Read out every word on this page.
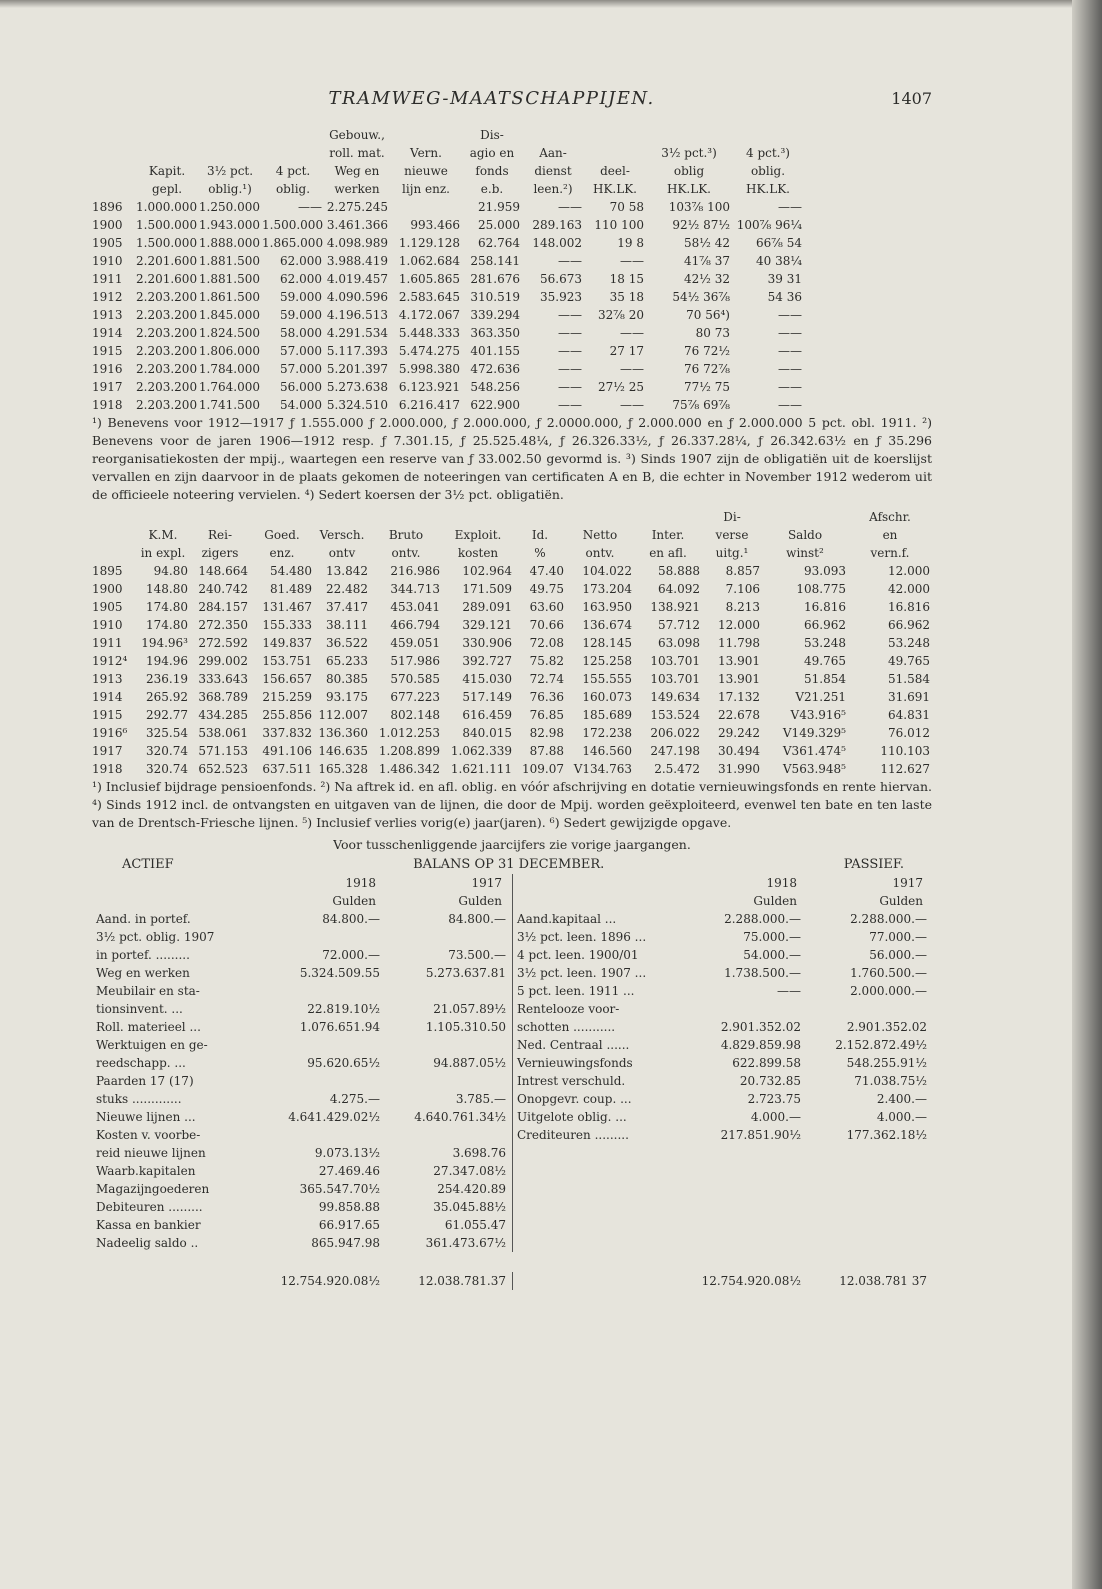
TRAMWEG-MAATSCHAPPIJEN.	1407
				Gebouw.,		Dis-					
				roll. mat.	Vern.	agio en	Aan-		3½ pct.³)	4 pct.³)	
	Kapit.	3½ pct.	4 pct.	Weg en	nieuwe	fonds	dienst	deel-	oblig	oblig.	
	gepl.	oblig.¹)	oblig.	werken	lijn enz.	e.b.	leen.²)	HK.LK.	HK.LK.	HK.LK.	
1896	1.000.000	1.250.000	——	2.275.245		21.959	——	70 58	103⅞ 100	——	
1900	1.500.000	1.943.000	1.500.000	3.461.366	993.466	25.000	289.163	110 100	92½ 87½	100⅞ 96¼	
1905	1.500.000	1.888.000	1.865.000	4.098.989	1.129.128	62.764	148.002	19 8	58½ 42	66⅞ 54	
1910	2.201.600	1.881.500	62.000	3.988.419	1.062.684	258.141	——	——	41⅞ 37	40 38¼	
1911	2.201.600	1.881.500	62.000	4.019.457	1.605.865	281.676	56.673	18 15	42½ 32	39 31	
1912	2.203.200	1.861.500	59.000	4.090.596	2.583.645	310.519	35.923	35 18	54½ 36⅞	54 36	
1913	2.203.200	1.845.000	59.000	4.196.513	4.172.067	339.294	——	32⅞ 20	70 56⁴)	——	
1914	2.203.200	1.824.500	58.000	4.291.534	5.448.333	363.350	——	——	80 73	——	
1915	2.203.200	1.806.000	57.000	5.117.393	5.474.275	401.155	——	27 17	76 72½	——	
1916	2.203.200	1.784.000	57.000	5.201.397	5.998.380	472.636	——	——	76 72⅞	——	
1917	2.203.200	1.764.000	56.000	5.273.638	6.123.921	548.256	——	27½ 25	77½ 75	——	
1918	2.203.200	1.741.500	54.000	5.324.510	6.216.417	622.900	——	——	75⅞ 69⅞	——	

¹) Benevens voor 1912—1917 ƒ 1.555.000 ƒ 2.000.000, ƒ 2.000.000, ƒ 2.0000.000, ƒ 2.000.000 en ƒ 2.000.000 5 pct. obl. 1911. ²) Benevens voor de jaren 1906—1912 resp. ƒ 7.301.15, ƒ 25.525.48¼, ƒ 26.326.33½, ƒ 26.337.28¼, ƒ 26.342.63½ en ƒ 35.296 reorganisatiekosten der mpij., waartegen een reserve van ƒ 33.002.50 gevormd is. ³) Sinds 1907 zijn de obligatiën uit de koerslijst vervallen en zijn daarvoor in de plaats gekomen de noteeringen van certificaten A en B, die echter in November 1912 wederom uit de officieele noteering vervielen. ⁴) Sedert koersen der 3½ pct. obligatiën.

										Di-		Afschr.
	K.M.	Rei-	Goed.	Versch.	Bruto	Exploit.	Id.	Netto	Inter.	verse	Saldo	en
	in expl.	zigers	enz.	ontv	ontv.	kosten	%	ontv.	en afl.	uitg.¹	winst²	vern.f.
1895	94.80	148.664	54.480	13.842	216.986	102.964	47.40	104.022	58.888	8.857	93.093	12.000
1900	148.80	240.742	81.489	22.482	344.713	171.509	49.75	173.204	64.092	7.106	108.775	42.000
1905	174.80	284.157	131.467	37.417	453.041	289.091	63.60	163.950	138.921	8.213	16.816	16.816
1910	174.80	272.350	155.333	38.111	466.794	329.121	70.66	136.674	57.712	12.000	66.962	66.962
1911	194.96³	272.592	149.837	36.522	459.051	330.906	72.08	128.145	63.098	11.798	53.248	53.248
1912⁴	194.96	299.002	153.751	65.233	517.986	392.727	75.82	125.258	103.701	13.901	49.765	49.765
1913	236.19	333.643	156.657	80.385	570.585	415.030	72.74	155.555	103.701	13.901	51.854	51.584
1914	265.92	368.789	215.259	93.175	677.223	517.149	76.36	160.073	149.634	17.132	V21.251	31.691
1915	292.77	434.285	255.856	112.007	802.148	616.459	76.85	185.689	153.524	22.678	V43.916⁵	64.831
1916⁶	325.54	538.061	337.832	136.360	1.012.253	840.015	82.98	172.238	206.022	29.242	V149.329⁵	76.012
1917	320.74	571.153	491.106	146.635	1.208.899	1.062.339	87.88	146.560	247.198	30.494	V361.474⁵	110.103
1918	320.74	652.523	637.511	165.328	1.486.342	1.621.111	109.07	V134.763	2.5.472	31.990	V563.948⁵	112.627

¹) Inclusief bijdrage pensioenfonds. ²) Na aftrek id. en afl. oblig. en vóór afschrijving en dotatie vernieuwingsfonds en rente hiervan. ⁴) Sinds 1912 incl. de ontvangsten en uitgaven van de lijnen, die door de Mpij. worden geëxploiteerd, evenwel ten bate en ten laste van de Drentsch-Friesche lijnen. ⁵) Inclusief verlies vorig(e) jaar(jaren). ⁶) Sedert gewijzigde opgave.

Voor tusschenliggende jaarcijfers zie vorige jaargangen.

ACTIEF	BALANS OP 31 DECEMBER.	PASSIEF.
	1918	1917
	Gulden	Gulden
Aand. in portef.	84.800.—	84.800.—
3½ pct. oblig. 1907		
in portef. .........	72.000.—	73.500.—
Weg en werken	5.324.509.55	5.273.637.81
Meubilair en sta-		
tionsinvent. ...	22.819.10½	21.057.89½
Roll. materieel ...	1.076.651.94	1.105.310.50
Werktuigen en ge-		
reedschapp. ...	95.620.65½	94.887.05½
Paarden 17 (17)		
stuks .............	4.275.—	3.785.—
Nieuwe lijnen ...	4.641.429.02½	4.640.761.34½
Kosten v. voorbe-		
reid nieuwe lijnen	9.073.13½	3.698.76
Waarb.kapitalen	27.469.46	27.347.08½
Magazijngoederen	365.547.70½	254.420.89
Debiteuren .........	99.858.88	35.045.88½
Kassa en bankier	66.917.65	61.055.47
Nadeelig saldo ..	865.947.98	361.473.67½
	1918	1917
	Gulden	Gulden
Aand.kapitaal ...	2.288.000.—	2.288.000.—
3½ pct. leen. 1896 ...	75.000.—	77.000.—
4 pct. leen. 1900/01	54.000.—	56.000.—
3½ pct. leen. 1907 ...	1.738.500.—	1.760.500.—
5 pct. leen. 1911 ...	——	2.000.000.—
Rentelooze voor-		
schotten ...........	2.901.352.02	2.901.352.02
Ned. Centraal ......	4.829.859.98	2.152.872.49½
Vernieuwingsfonds	622.899.58	548.255.91½
Intrest verschuld.	20.732.85	71.038.75½
Onopgevr. coup. ...	2.723.75	2.400.—
Uitgelote oblig. ...	4.000.—	4.000.—
Crediteuren .........	217.851.90½	177.362.18½
	12.754.920.08½	12.038.781.37
		12.754.920.08½	12.038.781 37
